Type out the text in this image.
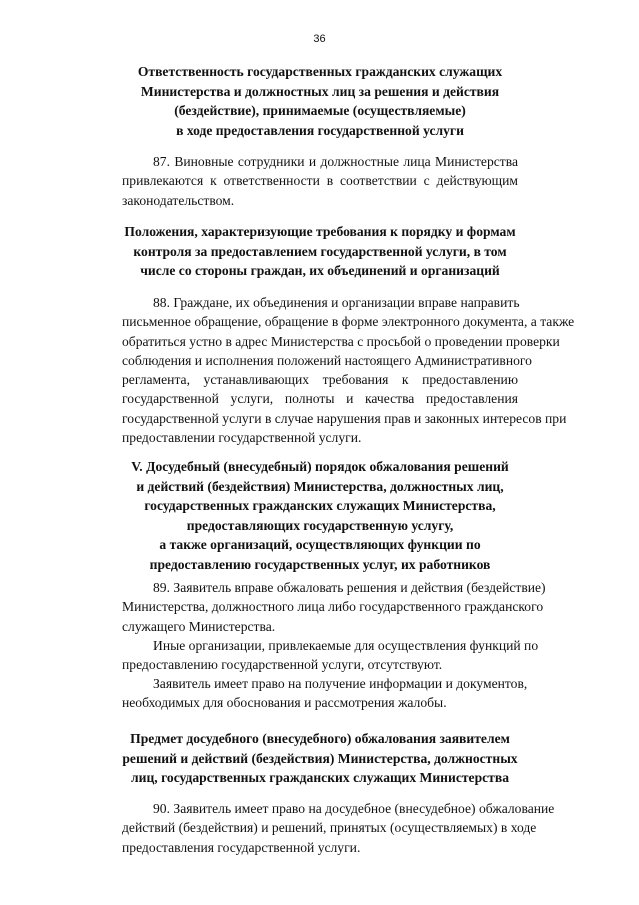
36
Ответственность государственных гражданских служащих
Министерства и должностных лиц за решения и действия
(бездействие), принимаемые (осуществляемые)
в ходе предоставления государственной услуги
87. Виновные сотрудники и должностные лица Министерства
привлекаются к ответственности в соответствии с действующим
законодательством.
Положения, характеризующие требования к порядку и формам
контроля за предоставлением государственной услуги, в том
числе со стороны граждан, их объединений и организаций
88. Граждане, их объединения и организации вправе направить
письменное обращение, обращение в форме электронного документа, а также
обратиться устно в адрес Министерства с просьбой о проведении проверки
соблюдения и исполнения положений настоящего Административного
регламента, устанавливающих требования к предоставлению
государственной услуги, полноты и качества предоставления
государственной услуги в случае нарушения прав и законных интересов при
предоставлении государственной услуги.
V. Досудебный (внесудебный) порядок обжалования решений
и действий (бездействия) Министерства, должностных лиц,
государственных гражданских служащих Министерства,
предоставляющих государственную услугу,
а также организаций, осуществляющих функции по
предоставлению государственных услуг, их работников
89. Заявитель вправе обжаловать решения и действия (бездействие)
Министерства, должностного лица либо государственного гражданского
служащего Министерства.
Иные организации, привлекаемые для осуществления функций по
предоставлению государственной услуги, отсутствуют.
Заявитель имеет право на получение информации и документов,
необходимых для обоснования и рассмотрения жалобы.
Предмет досудебного (внесудебного) обжалования заявителем
решений и действий (бездействия) Министерства, должностных
лиц, государственных гражданских служащих Министерства
90. Заявитель имеет право на досудебное (внесудебное) обжалование
действий (бездействия) и решений, принятых (осуществляемых) в ходе
предоставления государственной услуги.
